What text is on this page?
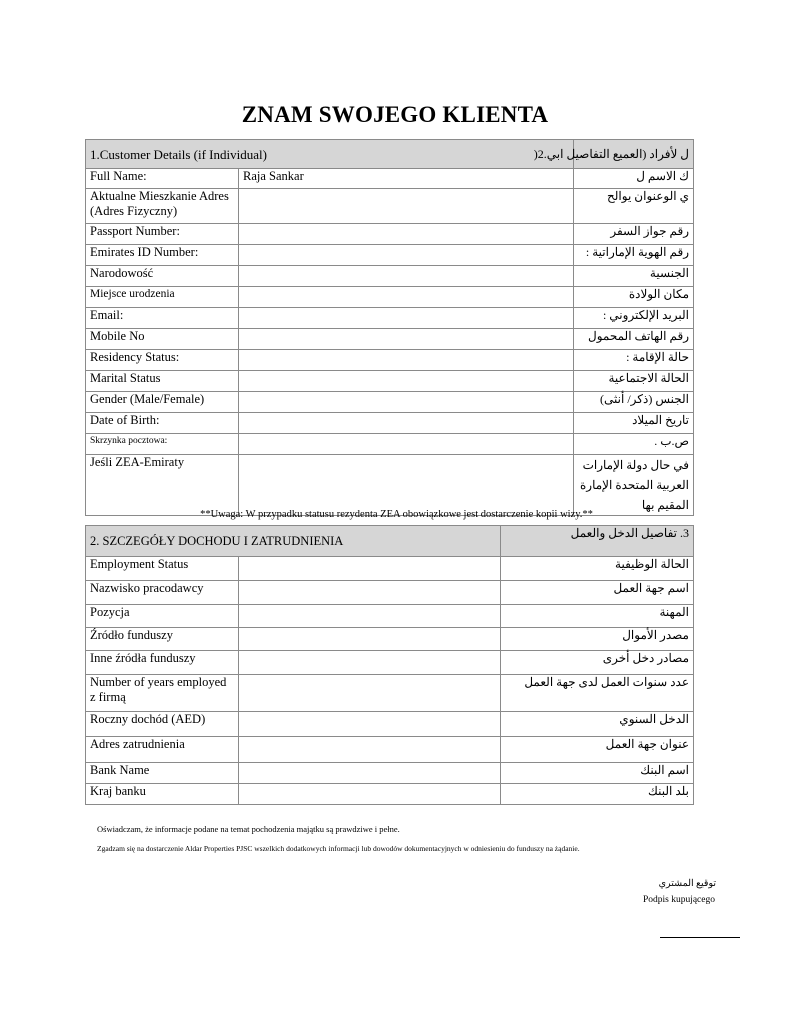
ZNAM SWOJEGO KLIENTA
1.Customer Details (if Individual)		ل لأفراد (العميع التفاصيل ابي.2(
Full Name:	Raja Sankar	ك الاسم ل
Aktualne Mieszkanie Adres (Adres Fizyczny)		ي الوعنوان يوالح
Passport Number:		رقم جواز السفر
Emirates ID Number:		رقم الهوية الإماراتية :
Narodowość		الجنسية
Miejsce urodzenia		مكان الولادة
Email:		البريد الإلكتروني :
Mobile No		رقم الهاتف المحمول
Residency Status:		حالة الإقامة :
Marital Status		الحالة الاجتماعية
Gender (Male/Female)		الجنس (ذكر/ أنثى)
Date of Birth:		تاريخ الميلاد
Skrzynka pocztowa:		ص.ب .
Jeśli ZEA-Emiraty		في حال دولة الإمارات العربية المتحدة الإمارة المقيم بها
**Uwaga: W przypadku statusu rezydenta ZEA obowiązkowe jest dostarczenie kopii wizy.**
2. SZCZEGÓŁY DOCHODU I ZATRUDNIENIA		3. تفاصيل الدخل والعمل
Employment Status		الحالة الوظيفية
Nazwisko pracodawcy		اسم جهة العمل
Pozycja		المهنة
Źródło funduszy		مصدر الأموال
Inne źródła funduszy		مصادر دخل أخرى
Number of years employed z firmą		عدد سنوات العمل لدى جهة العمل
Roczny dochód (AED)		الدخل السنوي
Adres zatrudnienia		عنوان جهة العمل
Bank Name		اسم البنك
Kraj banku		بلد البنك
Oświadczam, że informacje podane na temat pochodzenia majątku są prawdziwe i pełne.
Zgadzam się na dostarczenie Aldar Properties PJSC wszelkich dodatkowych informacji lub dowodów dokumentacyjnych w odniesieniu do funduszy na żądanie.
توقيع المشتري
Podpis kupującego
